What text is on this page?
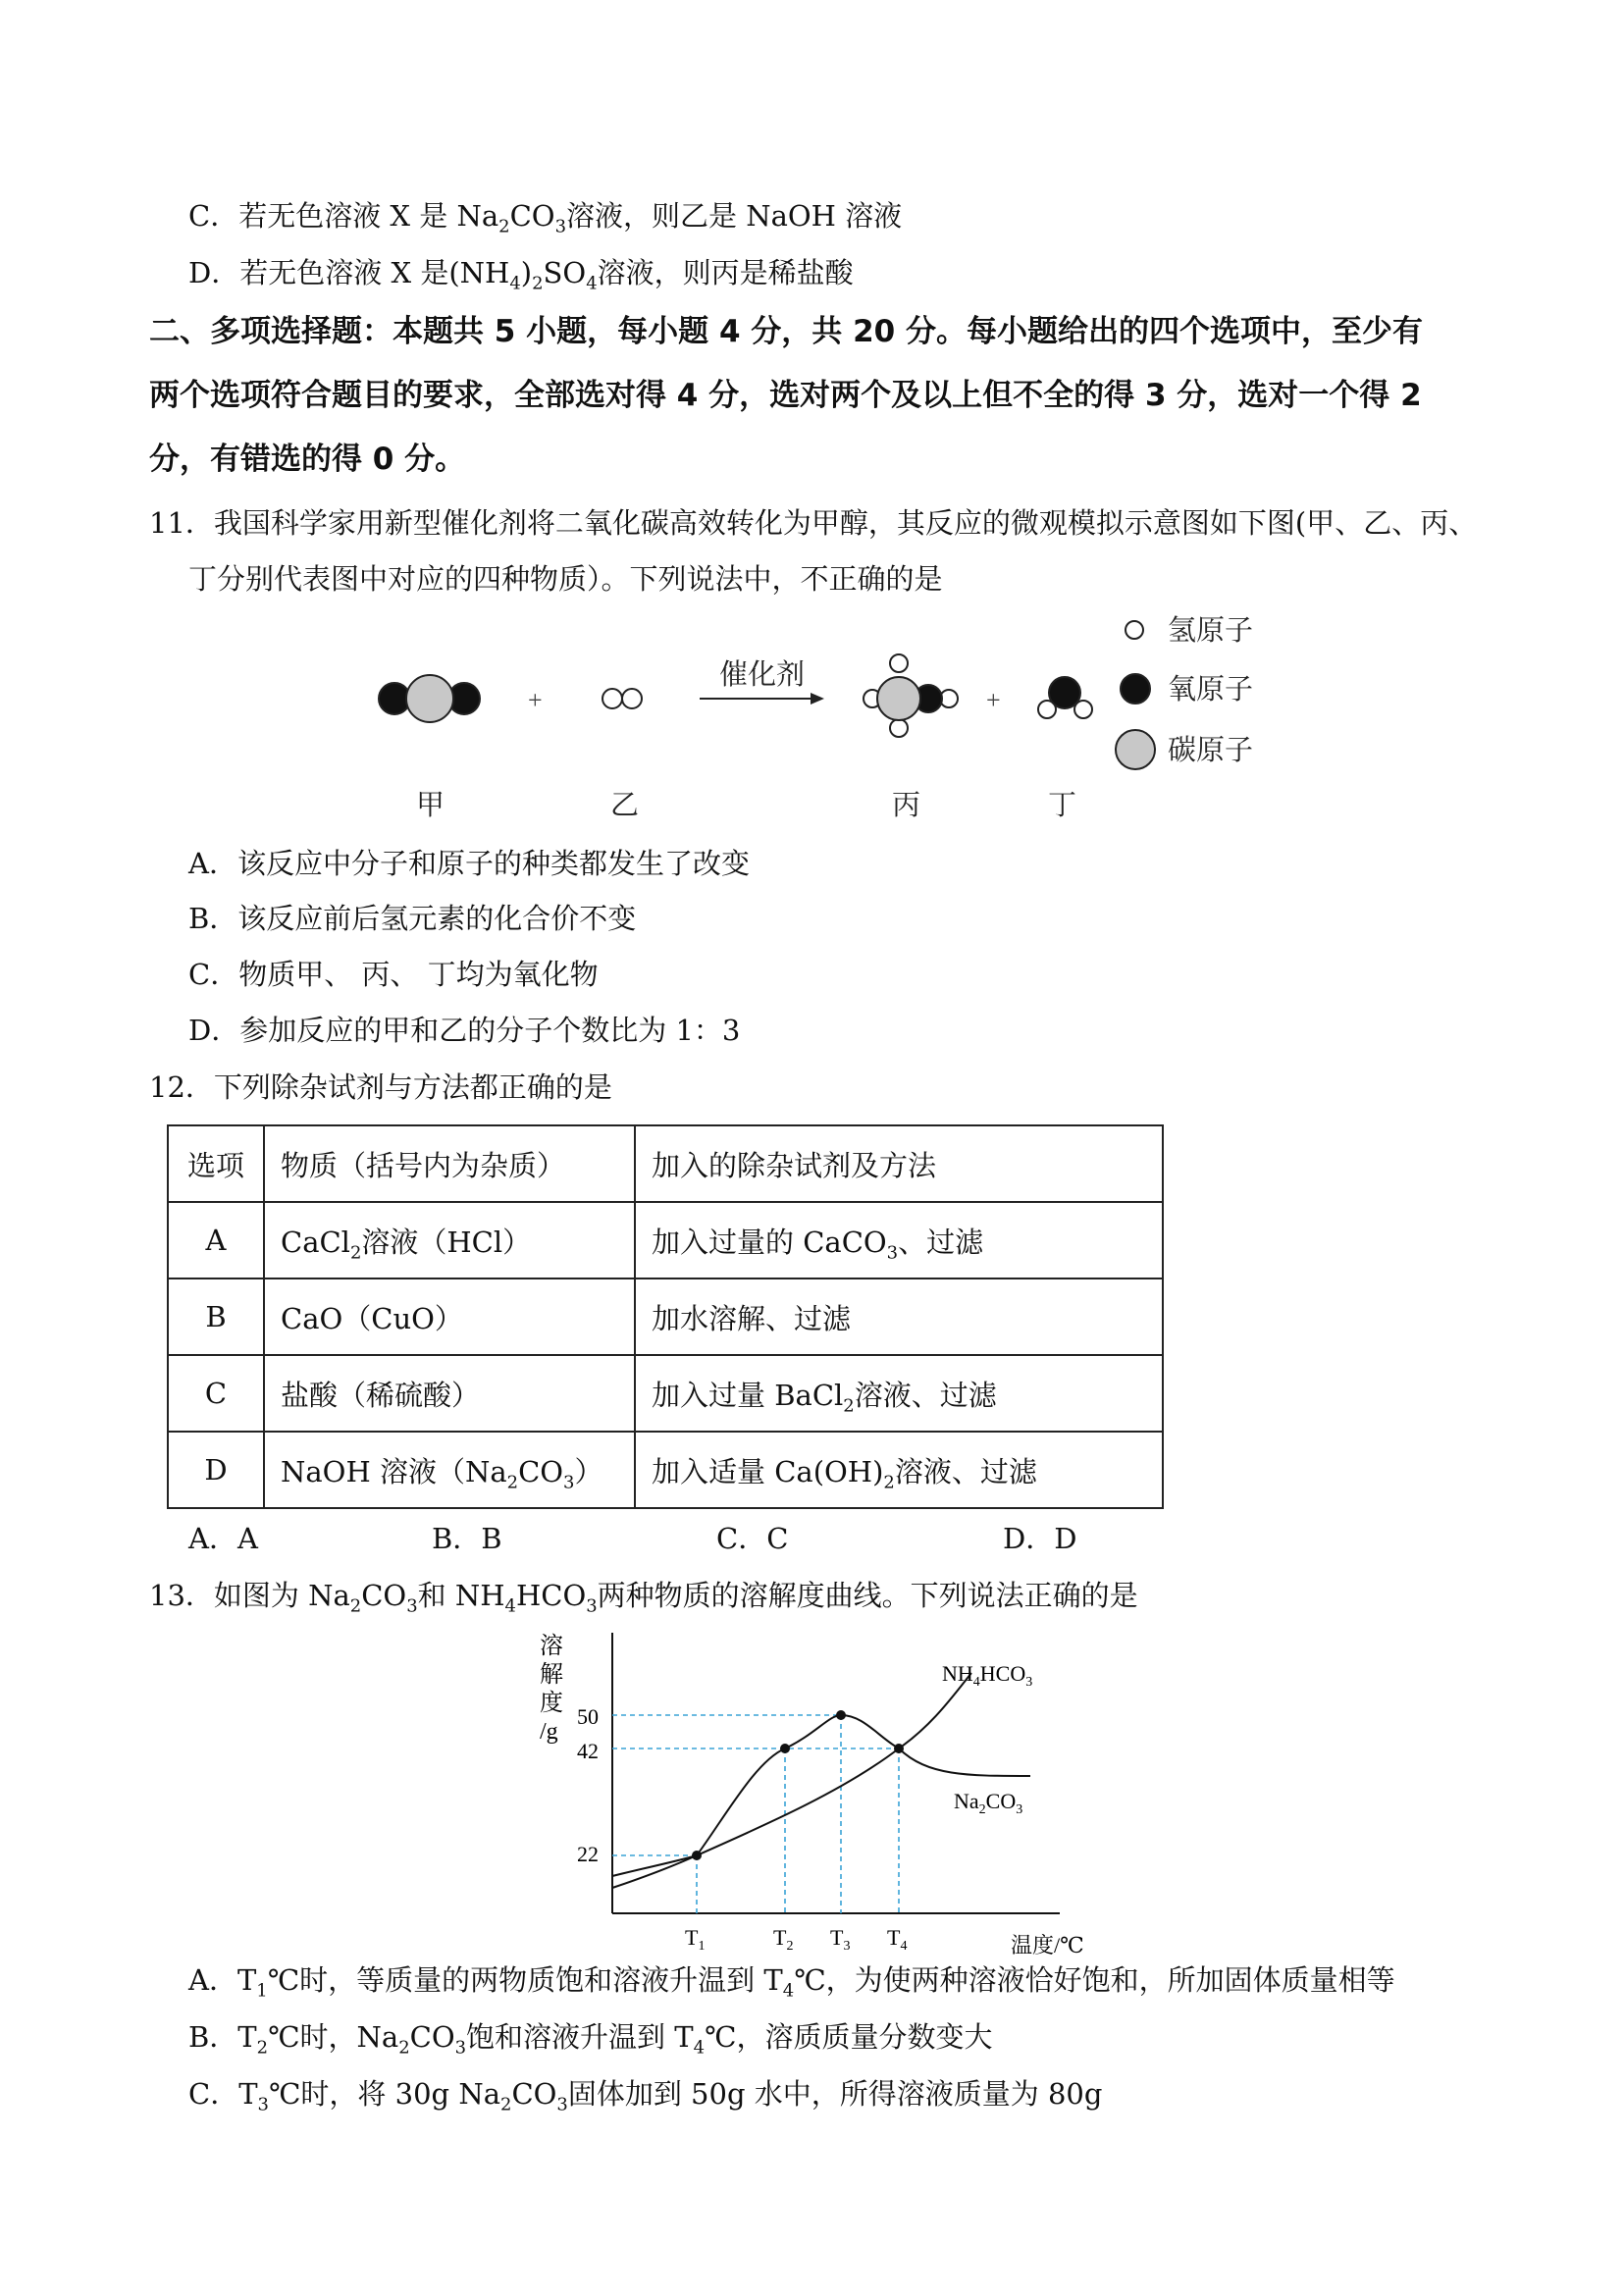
C．若无色溶液 X 是 $Na_2CO_3$溶液，则乙是 NaOH 溶液
D．若无色溶液 X 是$(NH_4)_2SO_4$溶液，则丙是稀盐酸
二、多项选择题：本题共 5 小题，每小题 4 分，共 20 分。每小题给出的四个选项中，至少有
两个选项符合题目的要求，全部选对得 4 分，选对两个及以上但不全的得 3 分，选对一个得 2
分，有错选的得 0 分。
11．我国科学家用新型催化剂将二氧化碳高效转化为甲醇，其反应的微观模拟示意图如下图(甲、乙、丙、
丁分别代表图中对应的四种物质）。下列说法中，不正确的是
+
催化剂
+
氢原子
氧原子
碳原子
甲	乙	丙	丁
A．该反应中分子和原子的种类都发生了改变
B．该反应前后氢元素的化合价不变
C．物质甲、 丙、 丁均为氧化物
D．参加反应的甲和乙的分子个数比为 1：3
12．下列除杂试剂与方法都正确的是
选项	物质（括号内为杂质）	加入的除杂试剂及方法
A	CaCl$_2$溶液（HCl）	加入过量的 CaCO$_3$、过滤
B	CaO（CuO）	加水溶解、过滤
C	盐酸（稀硫酸）	加入过量 BaCl$_2$溶液、过滤
D	NaOH 溶液$(Na_2CO_3)$	加入适量 $Ca(OH)_2$溶液、过滤
A．A	B．B	C．C	D．D
13．如图为 $Na_2CO_3$和 $NH_4HCO_3$两种物质的溶解度曲线。下列说法正确的是
溶
解
度
/g
50
42
22
$NH_4HCO_3$
$Na_2CO_3$
$T_1$	$T_2$ $T_3$ $T_4$	温度/℃
A．$T_1℃$时，等质量的两物质饱和溶液升温到 $T_4℃$，为使两种溶液恰好饱和，所加固体质量相等
B．$T_2℃$时，$Na_2CO_3$饱和溶液升温到 $T_4℃$，溶质质量分数变大
C．$T_3℃$时，将 30g $Na_2CO_3$固体加到 50g 水中，所得溶液质量为 80g
